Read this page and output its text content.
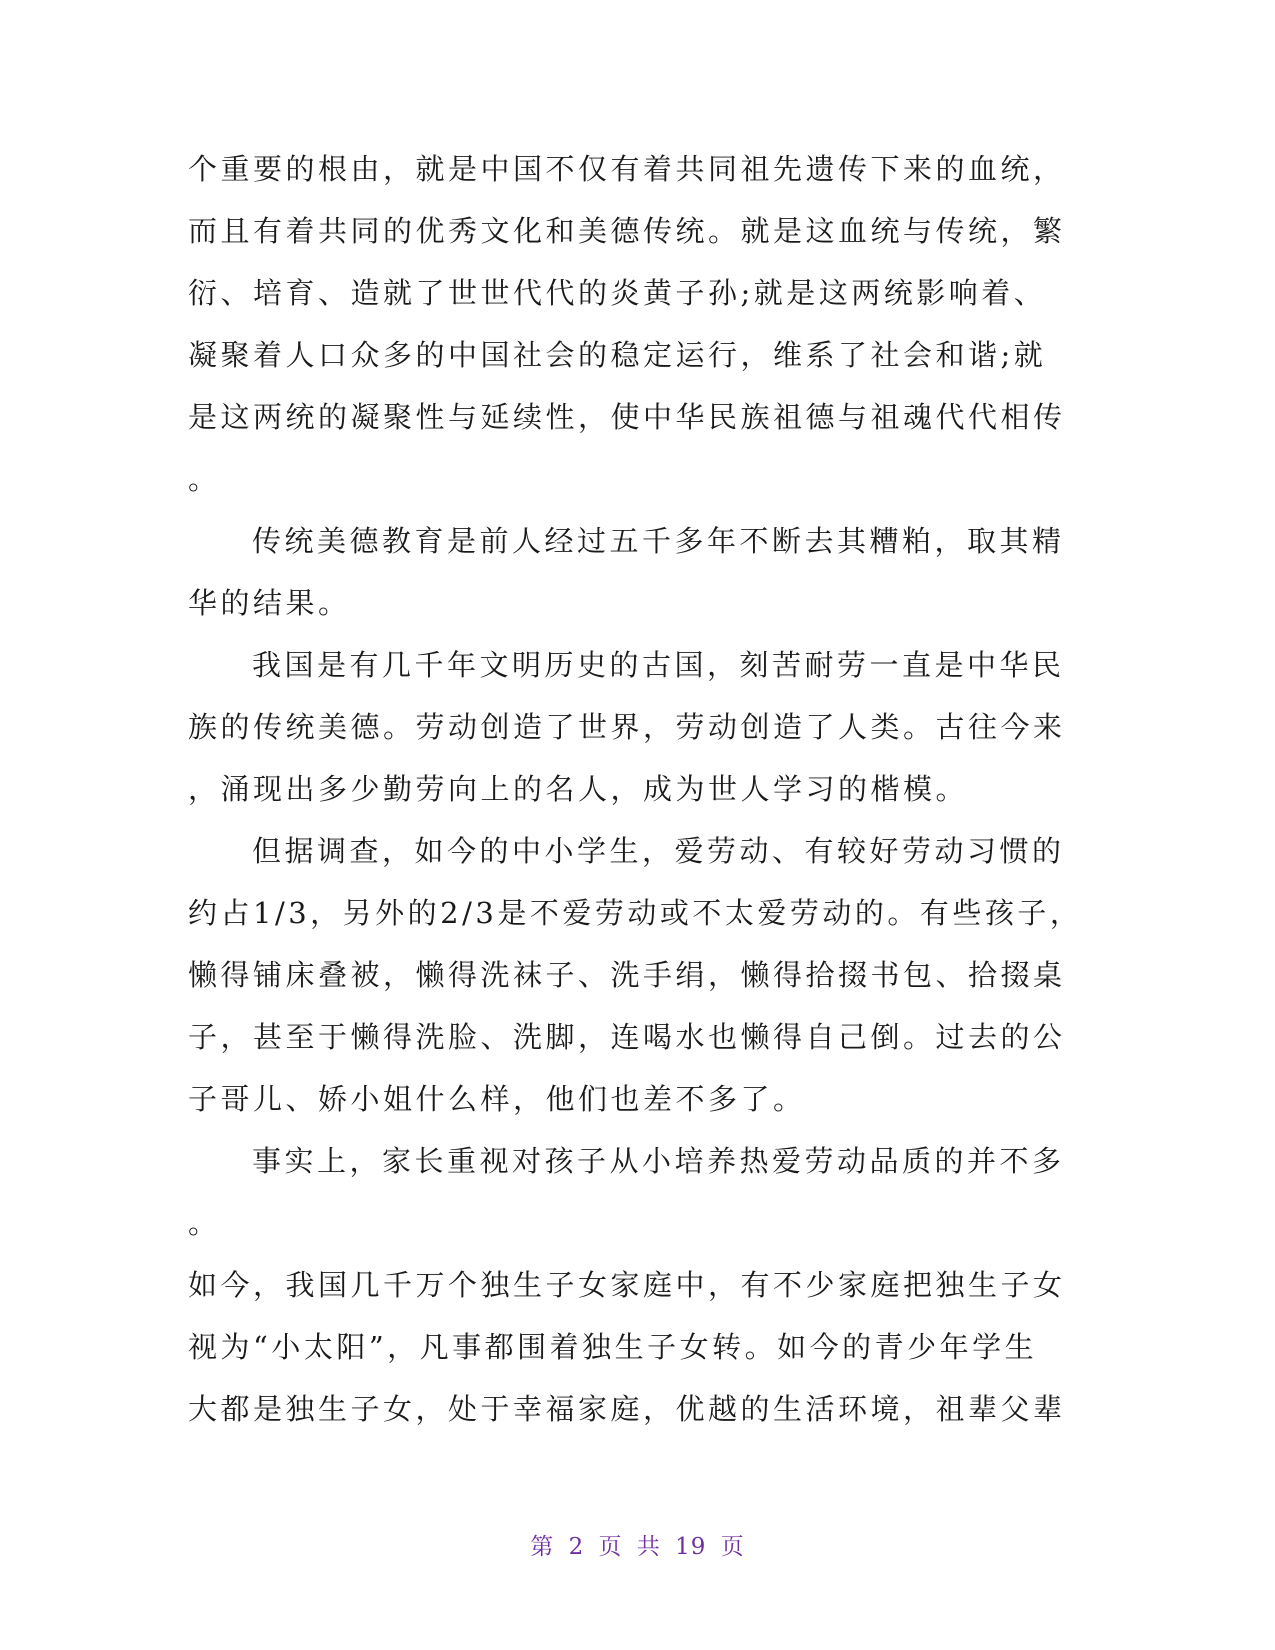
个重要的根由，就是中国不仅有着共同祖先遗传下来的血统，
而且有着共同的优秀文化和美德传统。就是这血统与传统，繁
衍、培育、造就了世世代代的炎黄子孙;就是这两统影响着、
凝聚着人口众多的中国社会的稳定运行，维系了社会和谐;就
是这两统的凝聚性与延续性，使中华民族祖德与祖魂代代相传
。
传统美德教育是前人经过五千多年不断去其糟粕，取其精
华的结果。
我国是有几千年文明历史的古国，刻苦耐劳一直是中华民
族的传统美德。劳动创造了世界，劳动创造了人类。古往今来
，涌现出多少勤劳向上的名人，成为世人学习的楷模。
但据调查，如今的中小学生，爱劳动、有较好劳动习惯的
约占1/3，另外的2/3是不爱劳动或不太爱劳动的。有些孩子，
懒得铺床叠被，懒得洗袜子、洗手绢，懒得拾掇书包、拾掇桌
子，甚至于懒得洗脸、洗脚，连喝水也懒得自己倒。过去的公
子哥儿、娇小姐什么样，他们也差不多了。
事实上，家长重视对孩子从小培养热爱劳动品质的并不多
。
如今，我国几千万个独生子女家庭中，有不少家庭把独生子女
视为“小太阳”，凡事都围着独生子女转。如今的青少年学生
大都是独生子女，处于幸福家庭，优越的生活环境，祖辈父辈
第 2 页 共 19 页
